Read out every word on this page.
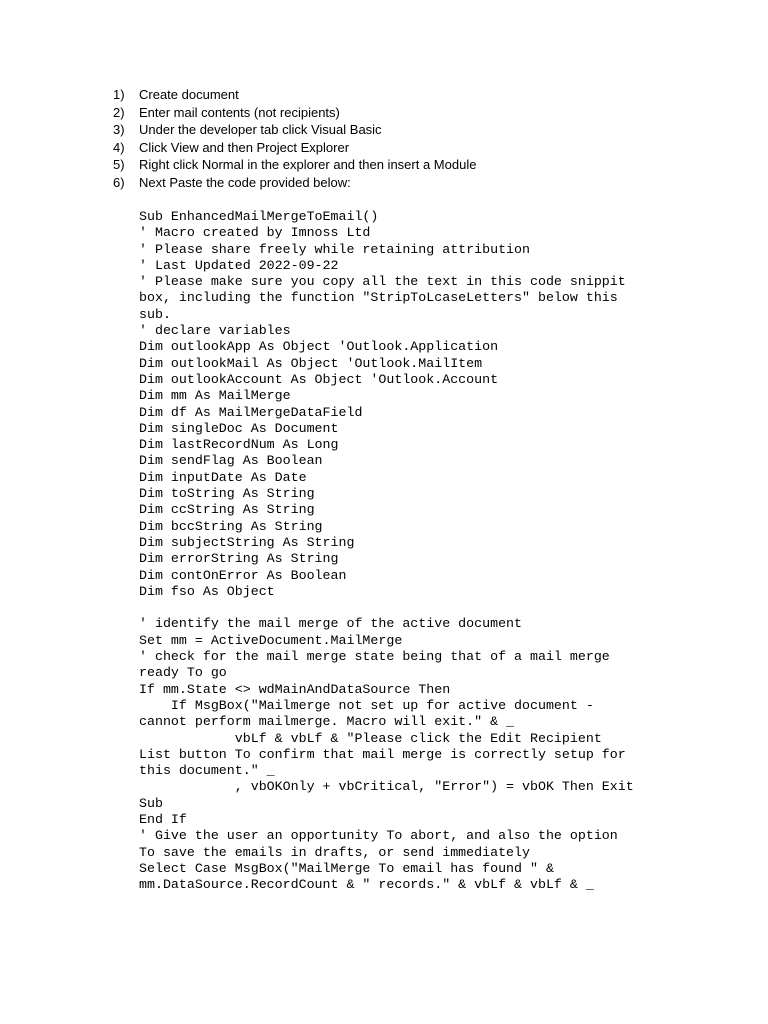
1) Create document
2) Enter mail contents (not recipients)
3) Under the developer tab click Visual Basic
4) Click View and then Project Explorer
5) Right click Normal in the explorer and then insert a Module
6) Next Paste the code provided below:
Sub EnhancedMailMergeToEmail()
' Macro created by Imnoss Ltd
' Please share freely while retaining attribution
' Last Updated 2022-09-22
' Please make sure you copy all the text in this code snippit
box, including the function "StripToLcaseLetters" below this
sub.
' declare variables
Dim outlookApp As Object 'Outlook.Application
Dim outlookMail As Object 'Outlook.MailItem
Dim outlookAccount As Object 'Outlook.Account
Dim mm As MailMerge
Dim df As MailMergeDataField
Dim singleDoc As Document
Dim lastRecordNum As Long
Dim sendFlag As Boolean
Dim inputDate As Date
Dim toString As String
Dim ccString As String
Dim bccString As String
Dim subjectString As String
Dim errorString As String
Dim contOnError As Boolean
Dim fso As Object
' identify the mail merge of the active document
Set mm = ActiveDocument.MailMerge
' check for the mail merge state being that of a mail merge
ready To go
If mm.State <> wdMainAndDataSource Then
If MsgBox("Mailmerge not set up for active document -
cannot perform mailmerge. Macro will exit." & _
vbLf & vbLf & "Please click the Edit Recipient
List button To confirm that mail merge is correctly setup for
this document." _
, vbOKOnly + vbCritical, "Error") = vbOK Then Exit
Sub
End If
' Give the user an opportunity To abort, and also the option
To save the emails in drafts, or send immediately
Select Case MsgBox("MailMerge To email has found " &
mm.DataSource.RecordCount & " records." & vbLf & vbLf & _
